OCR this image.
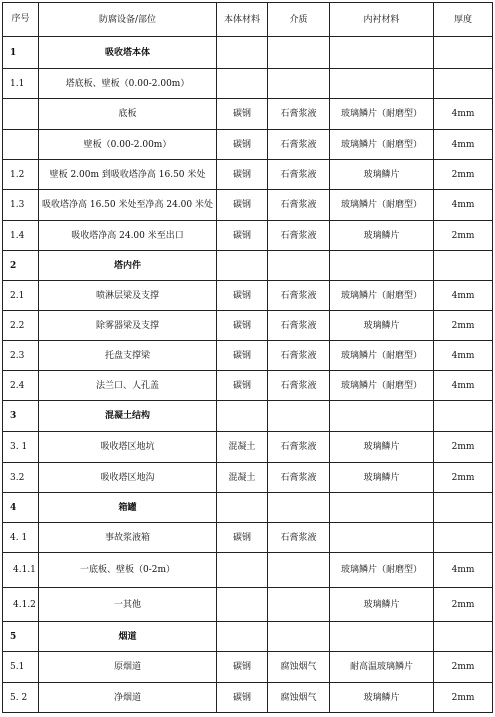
序号	防腐设备/部位	本体材料	介质	内衬材料	厚度
1	吸收塔本体				
1.1	塔底板、壁板（0.00-2.00m）				
	底板	碳钢	石膏浆液	玻璃鳞片（耐磨型）	4mm
	壁板（0.00-2.00m）	碳钢	石膏浆液	玻璃鳞片（耐磨型）	4mm
1.2	壁板 2.00m 到吸收塔净高 16.50 米处	碳钢	石膏浆液	玻璃鳞片	2mm
1.3	吸收塔净高 16.50 米处至净高 24.00 米处	碳钢	石膏浆液	玻璃鳞片（耐磨型）	4mm
1.4	吸收塔净高 24.00 米至出口	碳钢	石膏浆液	玻璃鳞片	2mm
2	塔内件				
2.1	喷淋层梁及支撑	碳钢	石膏浆液	玻璃鳞片（耐磨型）	4mm
2.2	除雾器梁及支撑	碳钢	石膏浆液	玻璃鳞片	2mm
2.3	托盘支撑梁	碳钢	石膏浆液	玻璃鳞片（耐磨型）	4mm
2.4	法兰口、人孔盖	碳钢	石膏浆液	玻璃鳞片（耐磨型）	4mm
3	混凝土结构				
3. 1	吸收塔区地坑	混凝土	石膏浆液	玻璃鳞片	2mm
3.2	吸收塔区地沟	混凝土	石膏浆液	玻璃鳞片	2mm
4	箱罐				
4. 1	事故浆液箱	碳钢	石膏浆液		
4.1.1	一底板、壁板（0-2m）			玻璃鳞片（耐磨型）	4mm
4.1.2	一其他			玻璃鳞片	2mm
5	烟道				
5.1	原烟道	碳钢	腐蚀烟气	耐高温玻璃鳞片	2mm
5. 2	净烟道	碳钢	腐蚀烟气	玻璃鳞片	2mm
